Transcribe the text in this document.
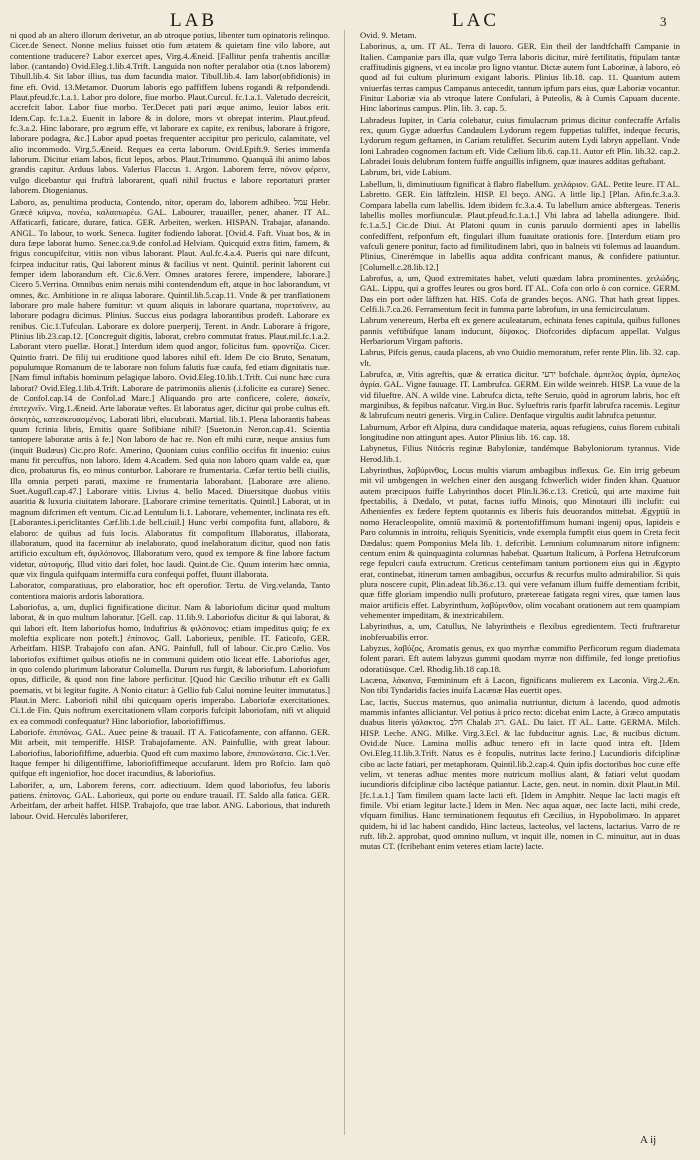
LAB	LAC	3

ni quod ab an altero illorum derivetur, an ab utroque potius, libenter tum opinatoris relinquo. Cicer.de Senect. Nonne melius fuisset otio fum ætatem & quietam fine vilo labore, aut contentione traducere? Labor exercet apes, Virg.4.Æneid. [Fallitur penfa trahentis ancillæ labor. (cantando) Ovid.Eleg.1.lib.4.Trift. Languida non nofter peralabor otia (t.nos laborem) Tibull.lib.4. Sit labor illius, tua dum facundia maior. Tibull.lib.4. Iam labor(obfidionis) in fine eft. Ovid. 13.Metamor. Duorum laboris ego paffiffem lubens rogandi & refpondendi. Plaut.pfeud.fc.1.a.1. Labor pro dolore, fiue morbo. Plaut.Curcul. fc.1.a.1. Valetudo decreícit, accrefcit labor. Labor fiue morbo. Ter.Decet pati pari æque animo, leuior labos erit. Idem.Cap. fc.1.a.2. Euenit in labore & in dolore, mors vt obrepat interim. Plaut.pfeud. fc.3.a.2. Hinc laborare, pro ægrum effe, vt laborare ex capite, ex renibus, laborare à frigore, laborare podagra, &c.] Labor apud poetas frequenter accipitur pro periculo, calamitate, vel alio incommodo. Virg.5.Æneid. Reques ea certa laborum. Ovid.Epift.9. Series immenfa laborum. Dicitur etiam labos, ficut lepos, arbos. Plaut.Trinummo. Quanquã ibi animo labos grandis capitur. Arduus labos. Valerius Flaccus 1. Argon. Laborem ferre, πόνον φέρειν, vulgo dicebantur qui fruftrà laborarent, quafi nihil fructus e labore reportaturi præter laborem. Diogenianus.

Laboro, as, penultima producta, Contendo, nitor, operam do, laborem adhibeo. עמל Hebr. Græcè κάμνω, πονέω, καλαιπωρέω. GAL. Labourer, trauailler, pener, ahaner. IT AL. Affaticarfi, faticare, durare, fatica. GER. Arbeiten, werken. HISPAN. Trabajar, afanando. ANGL. To labour, to work. Seneca. Iugiter fodiendo laborat. [Ovid.4. Faft. Viuat bos, & in dura fæpe laborat humo. Senec.ca.9.de confol.ad Helviam. Quicquid extra fitim, famem, & frigus concupifcitur, vitiis non vibus laborant. Plaut. Aul.fc.4.a.4. Pueris qui nare difcunt, fcirpea inducitur ratis, Qui laborent minus & facilius vt nent. Quintil. perinit laborent cui femper idem laborandum eft. Cic.6.Verr. Omnes aratores ferere, impendere, laborare.] Cicero 5.Verrina. Omnibus enim neruis mihi contendendum eft, atque in hoc laborandum, vt omnes, &c. Ambitione in re aliqua laborare. Quintil.lib.5.cap.11. Vnde & per tranflationem laborare pro male habere fumitur: vt quum aliquis in laborare quartana, πυρεταίνειν, au laborare podagra dicimus. Plinius. Succus eius podagra laborantibus prodeft. Laborare ex renibus. Cic.1.Tufculan. Laborare ex dolore puerperij, Terent. in Andr. Laborare à frigore, Plinius lib.23.cap.12. [Concreguit digitis, laborat, crebro commutat fratus. Plaut.mil.fc.1.a.2. Laborant vtero puellæ. Horat.] Interdum idem quod angor, folicitus fum. φροντίζω. Cicer. Quintio fratri. De filij tui eruditione quod labores nihil eft. Idem De cio Bruto, Senatum, populumque Romanum de te laborare non folum falutis fuæ caufa, fed etiam dignitatis tuæ. [Nam fimul inftabis hominum pelagique laboro. Ovid.Eleg.10.lib.1.Trift. Cui nunc hæc cura laborat? Ovid.Eleg.1.lib.4.Trift. Laborare de patrimoniis alienis (.i.folicite ea curare) Senec. de Confol.cap.14 de Confol.ad Marc.] Aliquando pro arte conficere, colere, ἀσκεῖν, ἐπιτεχνεῖν. Virg.1.Æneid. Arte laboratæ veftes. Et laboratus ager, dicitur qui probe cultus eft. ἀσκητός, κατεσκευασμένος. Laborati libri, elucubrati. Martial. lib.1. Plena laborantis habeas quum fcrinia libris, Emitis quare Sofibiane nihil? [Sueton.in Neron.cap.41. Scientia tantopere laboratæ artis à fe.] Non laboro de hac re. Non eft mihi curæ, neque anxius fum (inquit Budæus) Cic.pro Rofc. Amerino, Quoniam cuius confilio occifus fit inuenio: cuius manu fit percuffus, non laboro. Idem 4.Academ. Sed quia non laboro quam valde ea, quæ dico, probaturus fis, eo minus conturbor. Laborare re frumentaria. Cæfar tertio belli ciuilis, Illa omnia perpeti parati, maxime re frumentaria laborabant. [Laborare ære alieno. Suet.Augufl.cap.47.] Laborare vitiis. Livius 4. bello Maced. Diuersitque duobus vitiis auaritia & luxuria ciuitatem laborare. [Laborare crimine temeritatis. Quintil.] Laborat, ut in magnum difcrimen eft ventum. Cic.ad Lentulum li.1. Laborare, vehementer, inclinata res eft. [Laborantes.i.periclitantes Cæf.lib.1.de bell.ciuil.] Hunc verbi compofita funt, allaboro, & elaboro: de quibus ad fuis locis. Alaboratus fit compofitum Illaboratus, illaborata, illaboratum, quod ita facernitur ab inelaborato, quod inelaboratum dicitur, quod non fatis artificio excultum eft, ἀφιλόπονος. Illaboratum vero, quod ex tempore & fine labore factum videtur, αὐτοφυής. Illud vitio dari folet, hoc laudi. Quint.de Cic. Quum interim hæc omnia, quæ vix fingula quifquam intermiffa cura confequi poffet, fluunt illaborata.

Laborator, comparatiuus, pro elaboratior, hoc eft operofior. Tertu. de Virg.velanda, Tanto contentiora maioris ardoris laboratiora.

Laboriofus, a, um, duplici fignificatione dicitur. Nam & laboriofum dicitur quod multum laborat, & in quo multum laboratur. [Gell. cap. 11.lib.9. Laboriofus dicitur & qui laborat, & qui labori eft. Item laboriofus homo, Induftrius & φιλόπονος: etiam impeditus quiq; fe ex moleftia explicare non poteft.] ἐπίπονος. Gall. Laborieux, penible. IT. Faticofo, GER. Arbeitfam. HISP. Trabajofo con afan. ANG. Painfull, full of labour. Cic.pro Cælio. Vos laboriofos exiftimet quibus otiofis ne in communi quidem otio liceat effe. Laboriofus ager, in quo colendo plurimum laboratur Columella. Durum rus furgit, & laboriofum. Laboriofum opus, difficile, & quod non fine labore perficitur. [Quod hic Cæcilio tributur eft ex Galli poematis, vt bi legitur fugite. A Nonio citatur: à Gellio fub Calui nomine leuiter immutatus.] Plaut.in Merc. Laboriofi nihil tibi quicquam operis imperabo. Laboriofæ exercitationes. Ci.1.de Fin. Quis noftrum exercitationem vllam corporis fufcipit laboriofam, nifi vt aliquid ex ea commodi confequatur? Hinc laboriofior, laboriofiffimus.

Laboriofe. ἐπιπόνως. GAL. Auec peine & trauail. IT A. Faticofamente, con affanno. GER. Mit arbeit, mit temperiffe. HISP. Trabajofamente. AN. Painfullie, with great labour. Laboriofius, laboriofiffime, aduerbia. Quod eft cum maximo labore, ἐπιπονώτατα. Cic.1.Ver. Itaque femper hi diligentiffime, laboriofiffimeque accufarunt. Idem pro Rofcio. Iam quò quifque eft ingeniofior, hoc docet iracundius, & laboriofius.

Laborifer, a, um, Laborem ferens, corr. adiectiuum. Idem quod laboriofus, feu laboris patiens. ἐπίπονος. GAL. Laborieux, qui porte ou endure trauail. IT. Saldo alla fatica. GER. Arbeitfam, der arbeit haffet. HISP. Trabajofo, que trae labor. ANG. Laborious, that indureth labour. Ovid. Herculès laboriferer,

Ovid. 9. Metam.

Laborinus, a, um. IT AL. Terra di lauoro. GER. Ein theil der landtfchafft Campanie in Italien. Campaniæ pars illa, quæ vulgo Terra laboris dicitur, mirè fertilitatis, ftipulam tantæ craffitudinis gignens, vt ea incolæ pro ligno vtantur. Dictæ autem funt Laborinæ, à laboro, eò quod ad fui cultum plurimum exigant laboris. Plinius lib.18. cap. 11. Quantum autem vniuerfas terras campus Campanus antecedit, tantum ipfum pars eius, quæ Laboriæ vocantur. Finitur Laboriæ via ab vtroque latere Confulari, à Puteolis, & à Cumis Capuam ducente. Hinc laborinus campus. Plin. lib. 3. cap. 5.

Labradeus Iupiter, in Caria colebatur, cuius fimulacrum primus dicitur confecraffe Arfalis rex, quum Gygæ aduerfus Candaulem Lydorum regem fuppetias tuliffet, indeque fecuris, Lydorum regum geftamen, in Cariam retuliffet. Securim autem Lydi labryn appellant. Vnde Ioni Labradeo cognomen factum eft. Vide Cælium lib.6. cap.11. Autor eft Plin. lib.32. cap.2. Labradei Iouis delubrum fontem fuiffe anguillis infignem, quæ inaures additas geftabant.

Labrum, bri, vide Labium.

Labellum, li, diminutiuum fignificat à flabro flabellum. χειλάριον. GAL. Petite leure. IT AL. Labretto. GER. Ein läfftzlein. HISP. El beço. ANG. A little lip.] [Plan. Afin.fc.3.a.3. Compara labella cum labellis. Idem ibidem fc.3.a.4. Tu labellum amice abftergeas. Teneris labellis molles morfiunculæ. Plaut.pfeud.fc.1.a.1.] Vbi labra ad labella adiungere. Ibid. fc.1.a.5.] Cic.de Diui. At Platoni quum in cunis paruulo dormienti apes in labellis confediffent, refponfum eft, fingulari illum fuauitate orationis fore. [Interdum etiam pro vafculi genere ponitur, facto ad fimilitudinem labri, quo in balneis vti folemus ad lauandum. Plinius, Cinerémque in labellis aqua addita confricant manus, & confidere patiuntur. [Columell.c.28.lib.12.]

Labrofus, a, um, Quod extremitates habet, veluti quædam labra prominentes. χειλώδης. GAL. Lippu, qui a groffes leures ou gros bord. IT AL. Cofa con orlo ò con cornice. GERM. Das ein port oder läfftzen hat. HIS. Cofa de grandes beços. ANG. That hath great lippes. Celfi.li.7.ca.26. Ferramentum fecit in fumma parte labrofum, in una femicirculatum.

Labrum venereum, Herba eft ex genere aculeatarum, echinata fenes capitula, quibus fullones pannis veftibúfque lanam inducunt, δίψακος. Diofcorides dipfacum appellat. Vulgus Herbariorum Virgam paftoris.

Labrus, Pifcis genus, cauda placens, ab vno Ouidio memoratum, refer rente Plin. lib. 32. cap. vlt.

Labrufca, æ, Vitis agreftis, quæ & erratica dicitur. ירעי bofchale. ἀμπελος ἀγρία, ἀμπελος ἀγρία. GAL. Vigne fauuage. IT. Lambrufca. GERM. Ein wilde weinreb. HISP. La vuue de la vid filueftre. AN. A wilde vine. Labrufca dicta, tefte Seruio, quòd in agrorum labris, hoc eft marginibus, & fepibus nafcatur. Virg.in Buc. Sylueftris raris fparfit labrufca racemis. Legitur & labrufcum neutri generis. Virg.in Culice. Denfaque virgultis audit labrufca petuntur.

Laburnum, Arbor eft Alpina, dura candidaque materia, aquas refugiens, cuius florem cubitali longitudine non attingunt apes. Autor Plinius lib. 16. cap. 18.

Labynetus, Filius Nitócris reginæ Babyloniæ, tandémque Babyloniorum tyrannus. Vide Herod.lib.1.

Labyrinthus, λαβύρινθος, Locus multis viarum ambagibus inflexus. Ge. Ein irrig gebeum mit vil umbgengen in welchen einer den ausgang fchwerlich wider finden khan. Quatuor autem præcipuos fuiffe Labyrinthos docet Plin.li.36.c.13. Creticū, qui arte maxime fuit fpectabilis, à Dædalo, vt putat, factus iuffu Minois, quo Minotauri illi inclufit: cui Athenienfes ex fædere feptem quotannis ex liberis fuis deuorandos mittebat. Ægyptiū in nomo Heracleopolite, omniū maximū & portentofiffimum humani ingenij opus, lapideis e Paro columnis in introitu, reliquis Syeniticis, vnde exempla fumpfit eius quem in Creta fecit Dædalus: quem Pomponius Mela lib. 1. defcribit. Lemnium columnarum nitore infignem: centum enim & quinquaginta columnas habebat. Quartum Italicum, à Porfena Hetrufcorum rege fepulcri caufa extructum. Creticus centefimam tantum portionem eius qui in Ægypto erat, continebat, itinerum tamen ambagibus, occurfus & recurfus multo admirabilior. Si quis plura noscere cupit, Plin.adeat lib.36.c.13. qui vere vefanum illum fuiffe dementiam fcribit, quæ fiffe gloriam impendio nulli profuturo, prætereae fatigata regni vires, quæ tamen laus maior artificis effet. Labyrinthum, λαβύρινθον, olim vocabant orationem aut rem quampiam vehementer impeditam, & inextricabilem.

Labyrinthus, a, um, Catullus, Ne labyrintheis e flexibus egredientem. Tecti fruftraretur inobferuabilis error.

Labyzus, λαβύζος, Aromatis genus, ex quo myrrhæ commifto Perficorum regum diademata folent parari. Eft autem labyzus gummi quodam myrræ non diffimile, fed longe pretiofius odoratiúsque. Cæl. Rhodig.lib.18 cap.18.

Lacæna, λάκαινα, Fœmininum eft à Lacon, fignificans mulierem ex Laconia. Virg.2.Æn. Non tibi Tyndaridis facies inuifa Lacænæ Has euertit opes.

Lac, lactis, Succus maternus, quo animalia nutriuntur, dictum à lacendo, quod admotis mammis infantes alliciantur. Vel potius à prico recto: dicebat enim Lacte, à Græco amputatis duabus literis γάλακτος. חלב Chalab רוג. GAL. Du laict. IT AL. Latte. GERMA. Milch. HISP. Leche. ANG. Milke. Virg.3.Ecl. & lac fubducitur agnis. Lac, & nucibus dictum. Ovid.de Nuce. Lamina mollis adhuc tenero eft in lacte quod intra eft. [Idem Ovi.Eleg.11.lib.3.Trift. Natus es è fcopulis, nutritus lacte ferino.] Lucundioris difciplinæ cibo ac lacte fatiari, per metaphoram. Quintil.lib.2.cap.4. Quin ipfis doctoribus hoc curæ effe velim, vt teneras adhuc mentes more nutricum mollius alant, & fatiari velut quodam iucundioris difciplinæ cibo lactéque patiantur. Lacte, gen. neut. in nomin. dixit Plaut.in Mil. [fc.1.a.1.] Tam fimilem quam lacte lacti eft. [Idem in Amphitr. Neque lac lacti magis eft fimile. Vbi etiam legitur lacte.] Idem in Men. Nec aqua aquæ, nec lacte lacti, mihi crede, vfquam fimilius. Hanc terminationem fequutus eft Cæcilius, in Hypobolimæo. In apparet quidem, hi id lac habent candido, Hinc lacteus, lacteolus, vel lactens, lactarius. Varro de re ruft. lib.2. approbat, quod omnino nullum, vt inquit ille, nomen in C. minuitur, aut in duas mutas CT. (fcribebant enim veteres etiam lacte) lacte.

A ij
